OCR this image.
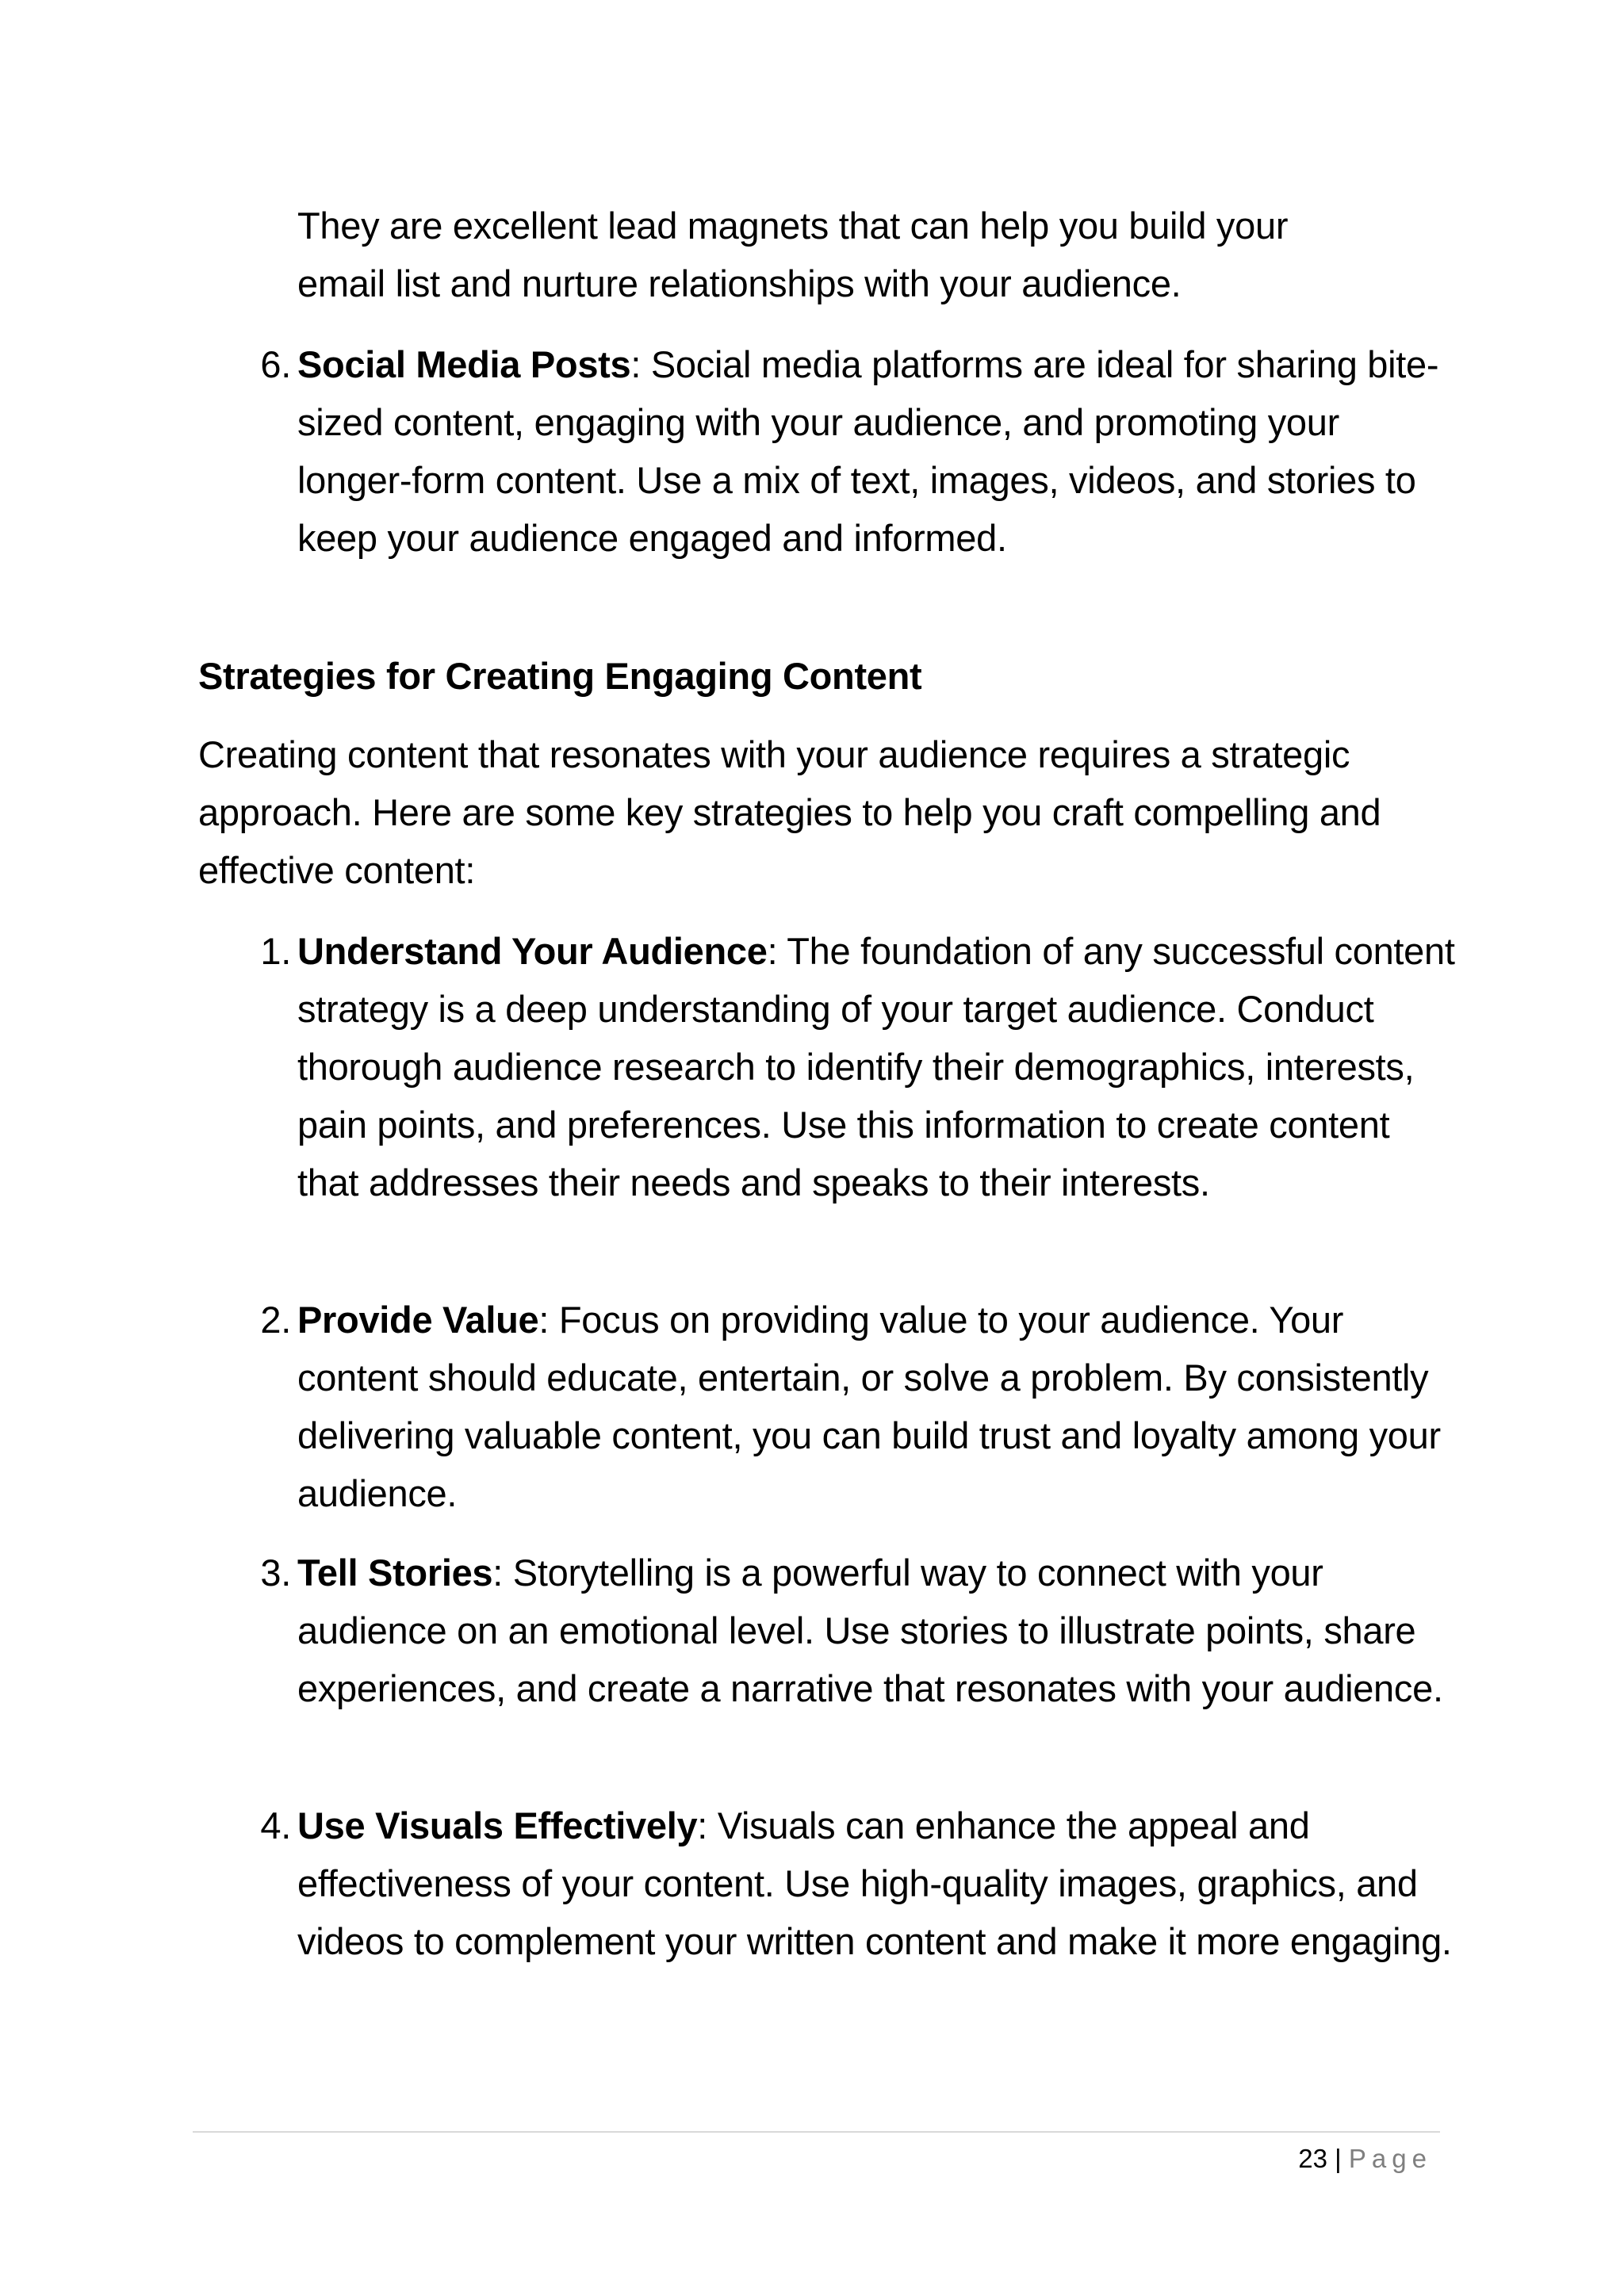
They are excellent lead magnets that can help you build your
email list and nurture relationships with your audience.

6. Social Media Posts: Social media platforms are ideal for sharing bite-sized content, engaging with your audience, and promoting your longer-form content. Use a mix of text, images, videos, and stories to keep your audience engaged and informed.
Strategies for Creating Engaging Content

Creating content that resonates with your audience requires a strategic approach. Here are some key strategies to help you craft compelling and effective content:

1. Understand Your Audience: The foundation of any successful content strategy is a deep understanding of your target audience. Conduct thorough audience research to identify their demographics, interests, pain points, and preferences. Use this information to create content that addresses their needs and speaks to their interests.
2. Provide Value: Focus on providing value to your audience. Your content should educate, entertain, or solve a problem. By consistently delivering valuable content, you can build trust and loyalty among your audience.
3. Tell Stories: Storytelling is a powerful way to connect with your audience on an emotional level. Use stories to illustrate points, share experiences, and create a narrative that resonates with your audience.
4. Use Visuals Effectively: Visuals can enhance the appeal and effectiveness of your content. Use high-quality images, graphics, and videos to complement your written content and make it more engaging.
23 | Page
